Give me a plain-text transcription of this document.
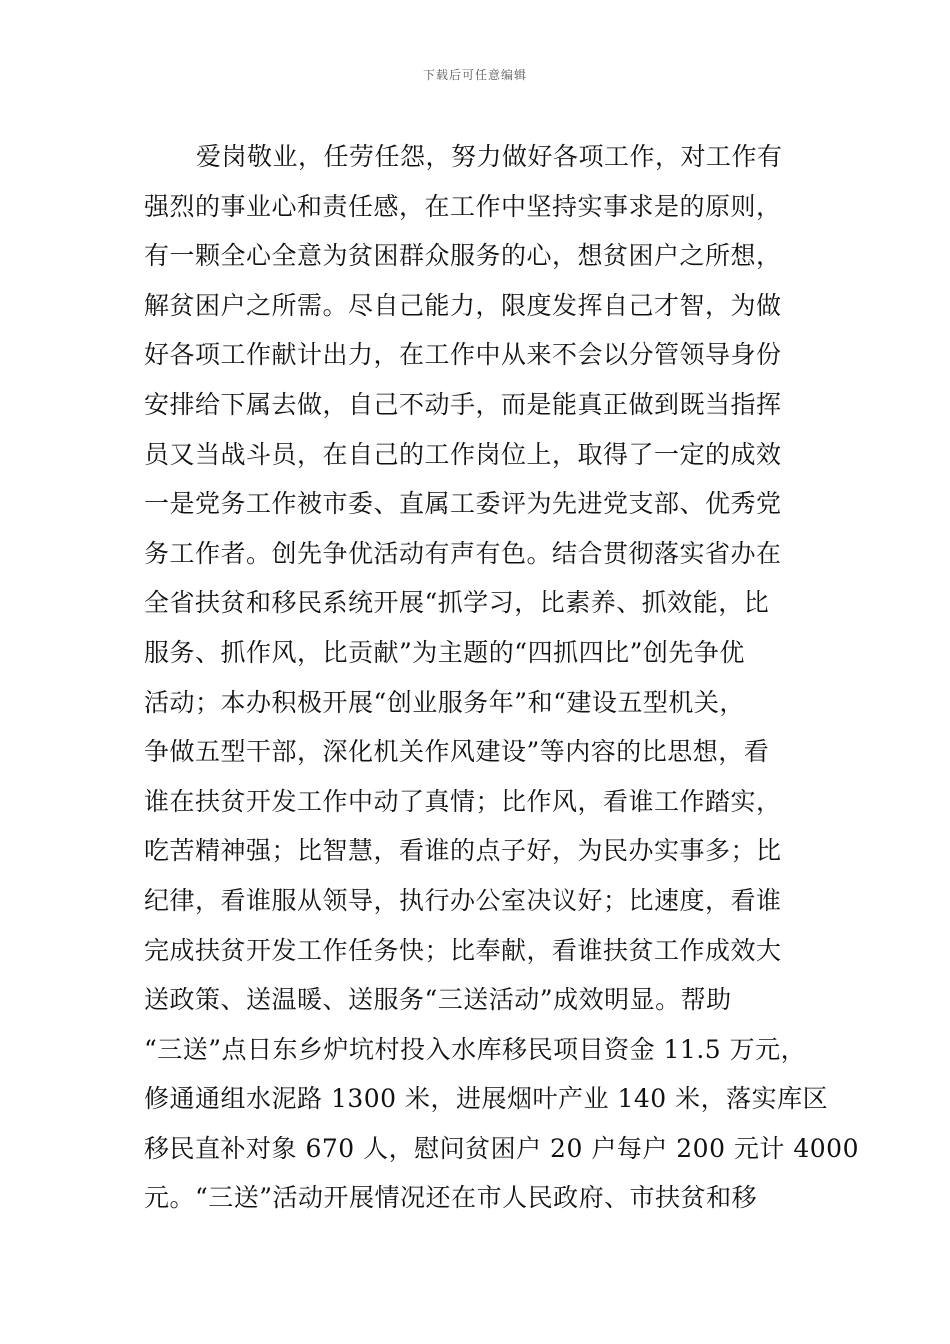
下载后可任意编辑
爱岗敬业，任劳任怨，努力做好各项工作，对工作有
强烈的事业心和责任感，在工作中坚持实事求是的原则，
有一颗全心全意为贫困群众服务的心，想贫困户之所想，
解贫困户之所需。尽自己能力，限度发挥自己才智，为做
好各项工作献计出力，在工作中从来不会以分管领导身份
安排给下属去做，自己不动手，而是能真正做到既当指挥
员又当战斗员，在自己的工作岗位上，取得了一定的成效
一是党务工作被市委、直属工委评为先进党支部、优秀党
务工作者。创先争优活动有声有色。结合贯彻落实省办在
全省扶贫和移民系统开展“抓学习，比素养、抓效能，比
服务、抓作风，比贡献”为主题的“四抓四比”创先争优
活动；本办积极开展“创业服务年”和“建设五型机关，
争做五型干部，深化机关作风建设”等内容的比思想，看
谁在扶贫开发工作中动了真情；比作风，看谁工作踏实，
吃苦精神强；比智慧，看谁的点子好，为民办实事多；比
纪律，看谁服从领导，执行办公室决议好；比速度，看谁
完成扶贫开发工作任务快；比奉献，看谁扶贫工作成效大
送政策、送温暖、送服务“三送活动”成效明显。帮助
“三送”点日东乡炉坑村投入水库移民项目资金 11.5 万元，
修通通组水泥路 1300 米，进展烟叶产业 140 米，落实库区
移民直补对象 670 人，慰问贫困户 20 户每户 200 元计 4000
元。“三送”活动开展情况还在市人民政府、市扶贫和移
